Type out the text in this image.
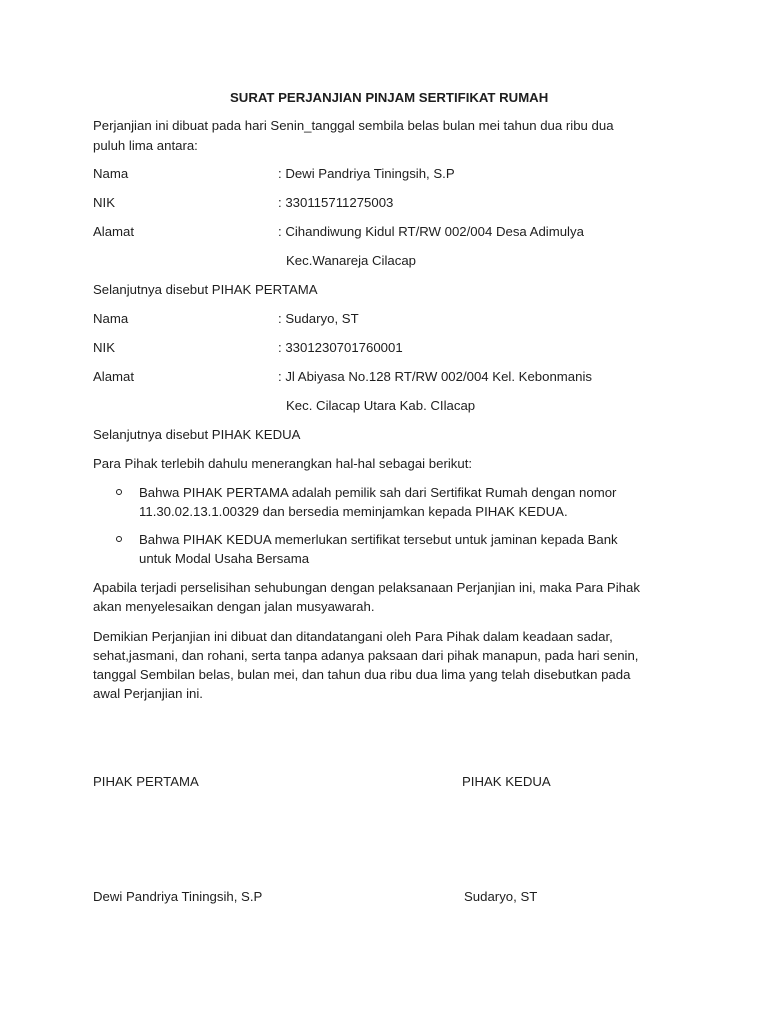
SURAT PERJANJIAN PINJAM SERTIFIKAT RUMAH
Perjanjian ini dibuat pada hari Senin_tanggal sembila belas bulan mei tahun dua ribu dua
puluh lima antara:
Nama	: Dewi Pandriya Tiningsih, S.P
NIK	: 330115711275003
Alamat	: Cihandiwung Kidul RT/RW 002/004 Desa Adimulya
Kec.Wanareja Cilacap
Selanjutnya disebut PIHAK PERTAMA
Nama	: Sudaryo, ST
NIK	: 3301230701760001
Alamat	: Jl Abiyasa No.128 RT/RW 002/004 Kel. Kebonmanis
Kec. Cilacap Utara Kab. CIlacap
Selanjutnya disebut PIHAK KEDUA
Para Pihak terlebih dahulu menerangkan hal-hal sebagai berikut:
Bahwa PIHAK PERTAMA adalah pemilik sah dari Sertifikat Rumah dengan nomor
11.30.02.13.1.00329 dan bersedia meminjamkan kepada PIHAK KEDUA.
Bahwa PIHAK KEDUA memerlukan sertifikat tersebut untuk jaminan kepada Bank
untuk Modal Usaha Bersama
Apabila terjadi perselisihan sehubungan dengan pelaksanaan Perjanjian ini, maka Para Pihak
akan menyelesaikan dengan jalan musyawarah.
Demikian Perjanjian ini dibuat dan ditandatangani oleh Para Pihak dalam keadaan sadar,
sehat,jasmani, dan rohani, serta tanpa adanya paksaan dari pihak manapun, pada hari senin,
tanggal Sembilan belas, bulan mei, dan tahun dua ribu dua lima yang telah disebutkan pada
awal Perjanjian ini.
PIHAK PERTAMA	PIHAK KEDUA
Dewi Pandriya Tiningsih, S.P	Sudaryo, ST
